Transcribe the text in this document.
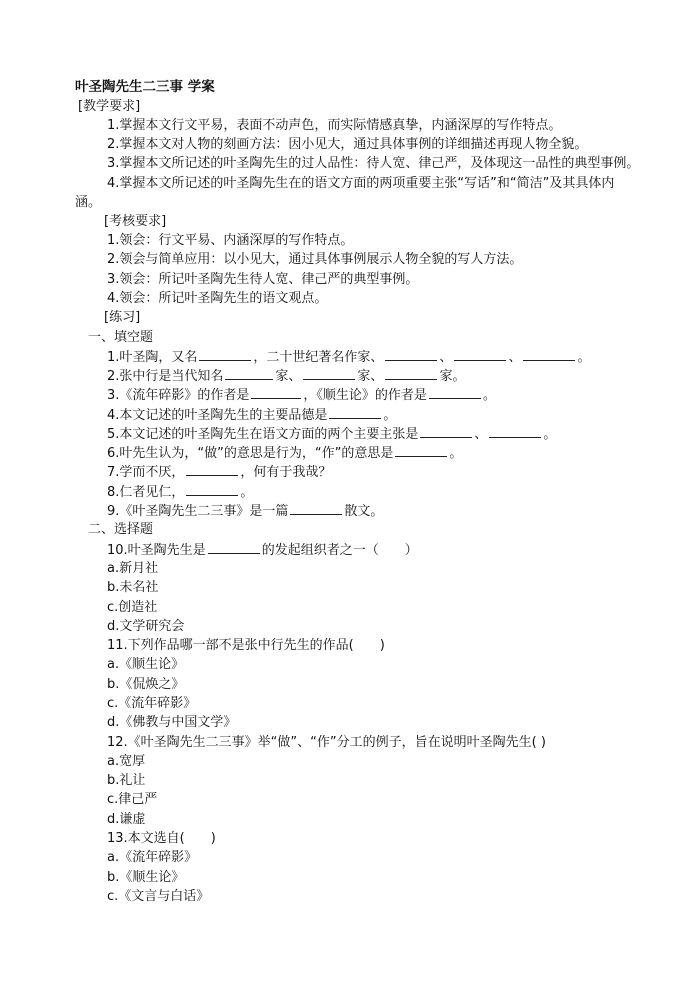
叶圣陶先生二三事 学案
[教学要求]
1.掌握本文行文平易，表面不动声色，而实际情感真挚，内涵深厚的写作特点。
2.掌握本文对人物的刻画方法：因小见大，通过具体事例的详细描述再现人物全貌。
3.掌握本文所记述的叶圣陶先生的过人品性：待人宽、律己严，及体现这一品性的典型事例。
4.掌握本文所记述的叶圣陶先生在的语文方面的两项重要主张“写话”和“简洁”及其具体内
涵。
[考核要求]
1.领会：行文平易、内涵深厚的写作特点。
2.领会与简单应用：以小见大，通过具体事例展示人物全貌的写人方法。
3.领会：所记叶圣陶先生待人宽、律己严的典型事例。
4.领会：所记叶圣陶先生的语文观点。
[练习]
一、填空题
1.叶圣陶，又名	，二十世纪著名作家、	、	、	。
2.张中行是当代知名	家、	家、	家。
3.《流年碎影》的作者是	，《顺生论》的作者是	。
4.本文记述的叶圣陶先生的主要品德是	。
5.本文记述的叶圣陶先生在语文方面的两个主要主张是	、	。
6.叶先生认为，“做”的意思是行为，“作”的意思是	。
7.学而不厌，	，何有于我哉？
8.仁者见仁，	。
9.《叶圣陶先生二三事》是一篇	散文。
二、选择题
10.叶圣陶先生是	的发起组织者之一（　　）
a.新月社
b.未名社
c.创造社
d.文学研究会
11.下列作品哪一部不是张中行先生的作品(　　)
a.《顺生论》
b.《侃焕之》
c.《流年碎影》
d.《佛教与中国文学》
12.《叶圣陶先生二三事》举“做”、“作”分工的例子，旨在说明叶圣陶先生( )
a.宽厚
b.礼让
c.律己严
d.谦虚
13.本文选自(　　)
a.《流年碎影》
b.《顺生论》
c.《文言与白话》
